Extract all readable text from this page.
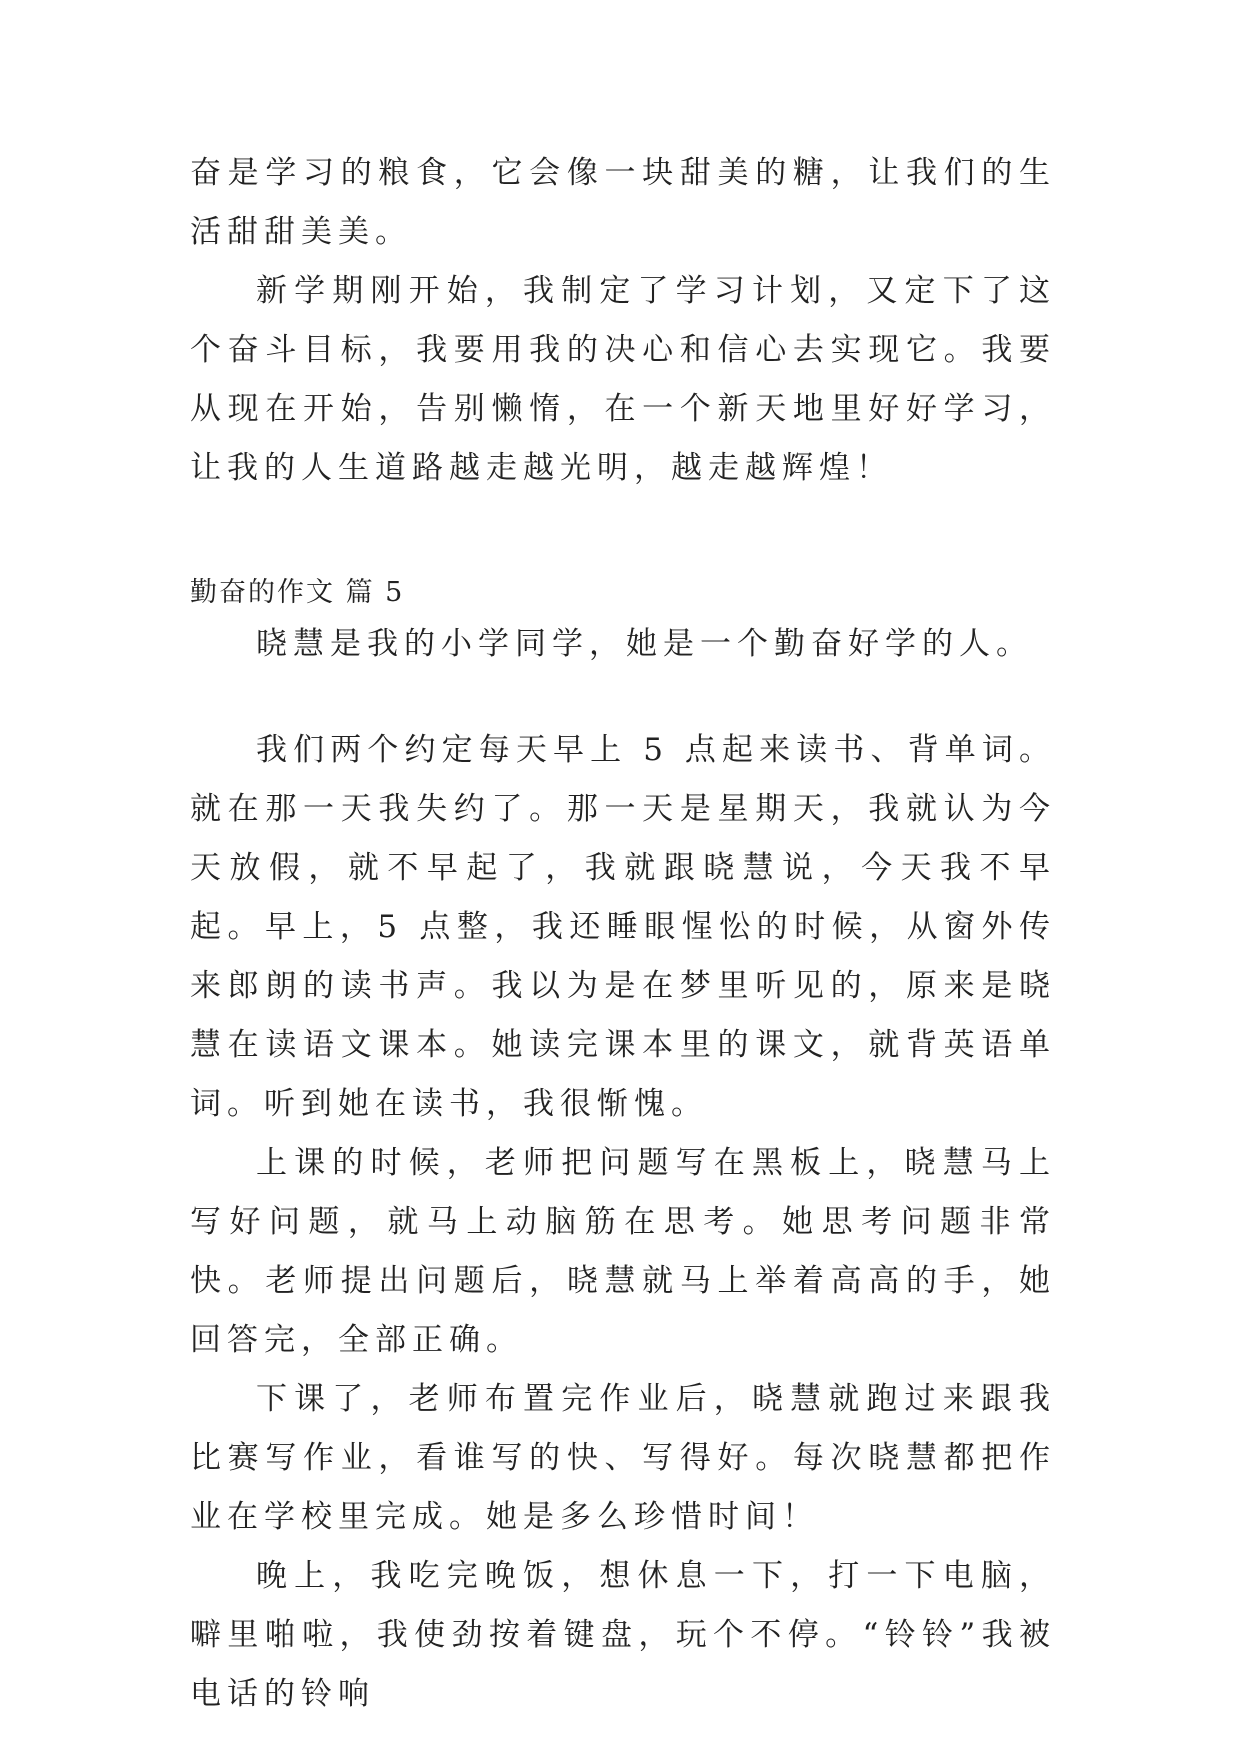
奋是学习的粮食，它会像一块甜美的糖，让我们的生活甜甜美美。

新学期刚开始，我制定了学习计划，又定下了这个奋斗目标，我要用我的决心和信心去实现它。我要从现在开始，告别懒惰，在一个新天地里好好学习，让我的人生道路越走越光明，越走越辉煌！

勤奋的作文 篇 5

晓慧是我的小学同学，她是一个勤奋好学的人。

我们两个约定每天早上 5 点起来读书、背单词。就在那一天我失约了。那一天是星期天，我就认为今天放假，就不早起了，我就跟晓慧说，今天我不早起。早上，5 点整，我还睡眼惺忪的时候，从窗外传来郎朗的读书声。我以为是在梦里听见的，原来是晓慧在读语文课本。她读完课本里的课文，就背英语单词。听到她在读书，我很惭愧。

上课的时候，老师把问题写在黑板上，晓慧马上写好问题，就马上动脑筋在思考。她思考问题非常快。老师提出问题后，晓慧就马上举着高高的手，她回答完，全部正确。

下课了，老师布置完作业后，晓慧就跑过来跟我比赛写作业，看谁写的快、写得好。每次晓慧都把作业在学校里完成。她是多么珍惜时间！

晚上，我吃完晚饭，想休息一下，打一下电脑，噼里啪啦，我使劲按着键盘，玩个不停。“铃铃”我被电话的铃响
